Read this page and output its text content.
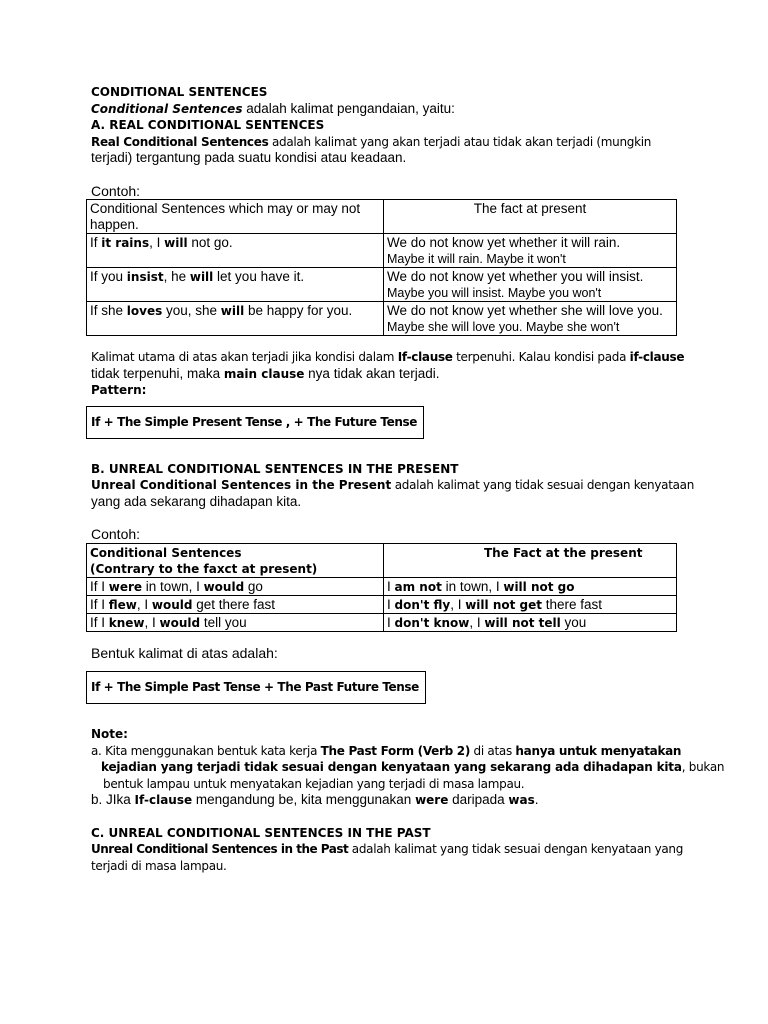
CONDITIONAL SENTENCES
Conditional Sentences adalah kalimat pengandaian, yaitu:
A. REAL CONDITIONAL SENTENCES
Real Conditional Sentences adalah kalimat yang akan terjadi atau tidak akan terjadi (mungkin
terjadi) tergantung pada suatu kondisi atau keadaan.
Contoh:
Conditional Sentences which may or may not
happen.	The fact at present
If it rains, I will not go.	We do not know yet whether it will rain.
Maybe it will rain. Maybe it won't
If you insist, he will let you have it.	We do not know yet whether you will insist.
Maybe you will insist. Maybe you won't
If she loves you, she will be happy for you.	We do not know yet whether she will love you.
Maybe she will love you. Maybe she won't
Kalimat utama di atas akan terjadi jika kondisi dalam If-clause terpenuhi. Kalau kondisi pada if-clause
tidak terpenuhi, maka main clause nya tidak akan terjadi.
Pattern:
If + The Simple Present Tense , + The Future Tense
B. UNREAL CONDITIONAL SENTENCES IN THE PRESENT
Unreal Conditional Sentences in the Present adalah kalimat yang tidak sesuai dengan kenyataan
yang ada sekarang dihadapan kita.
Contoh:
Conditional Sentences
(Contrary to the faxct at present)	The Fact at the present
If I were in town, I would go	I am not in town, I will not go
If I flew, I would get there fast	I don't fly, I will not get there fast
If I knew, I would tell you	I don't know, I will not tell you
Bentuk kalimat di atas adalah:
If + The Simple Past Tense + The Past Future Tense
Note:
a. Kita menggunakan bentuk kata kerja The Past Form (Verb 2) di atas hanya untuk menyatakan
kejadian yang terjadi tidak sesuai dengan kenyataan yang sekarang ada dihadapan kita, bukan
bentuk lampau untuk menyatakan kejadian yang terjadi di masa lampau.
b. JIka If-clause mengandung be, kita menggunakan were daripada was.
C. UNREAL CONDITIONAL SENTENCES IN THE PAST
Unreal Conditional Sentences in the Past adalah kalimat yang tidak sesuai dengan kenyataan yang
terjadi di masa lampau.
